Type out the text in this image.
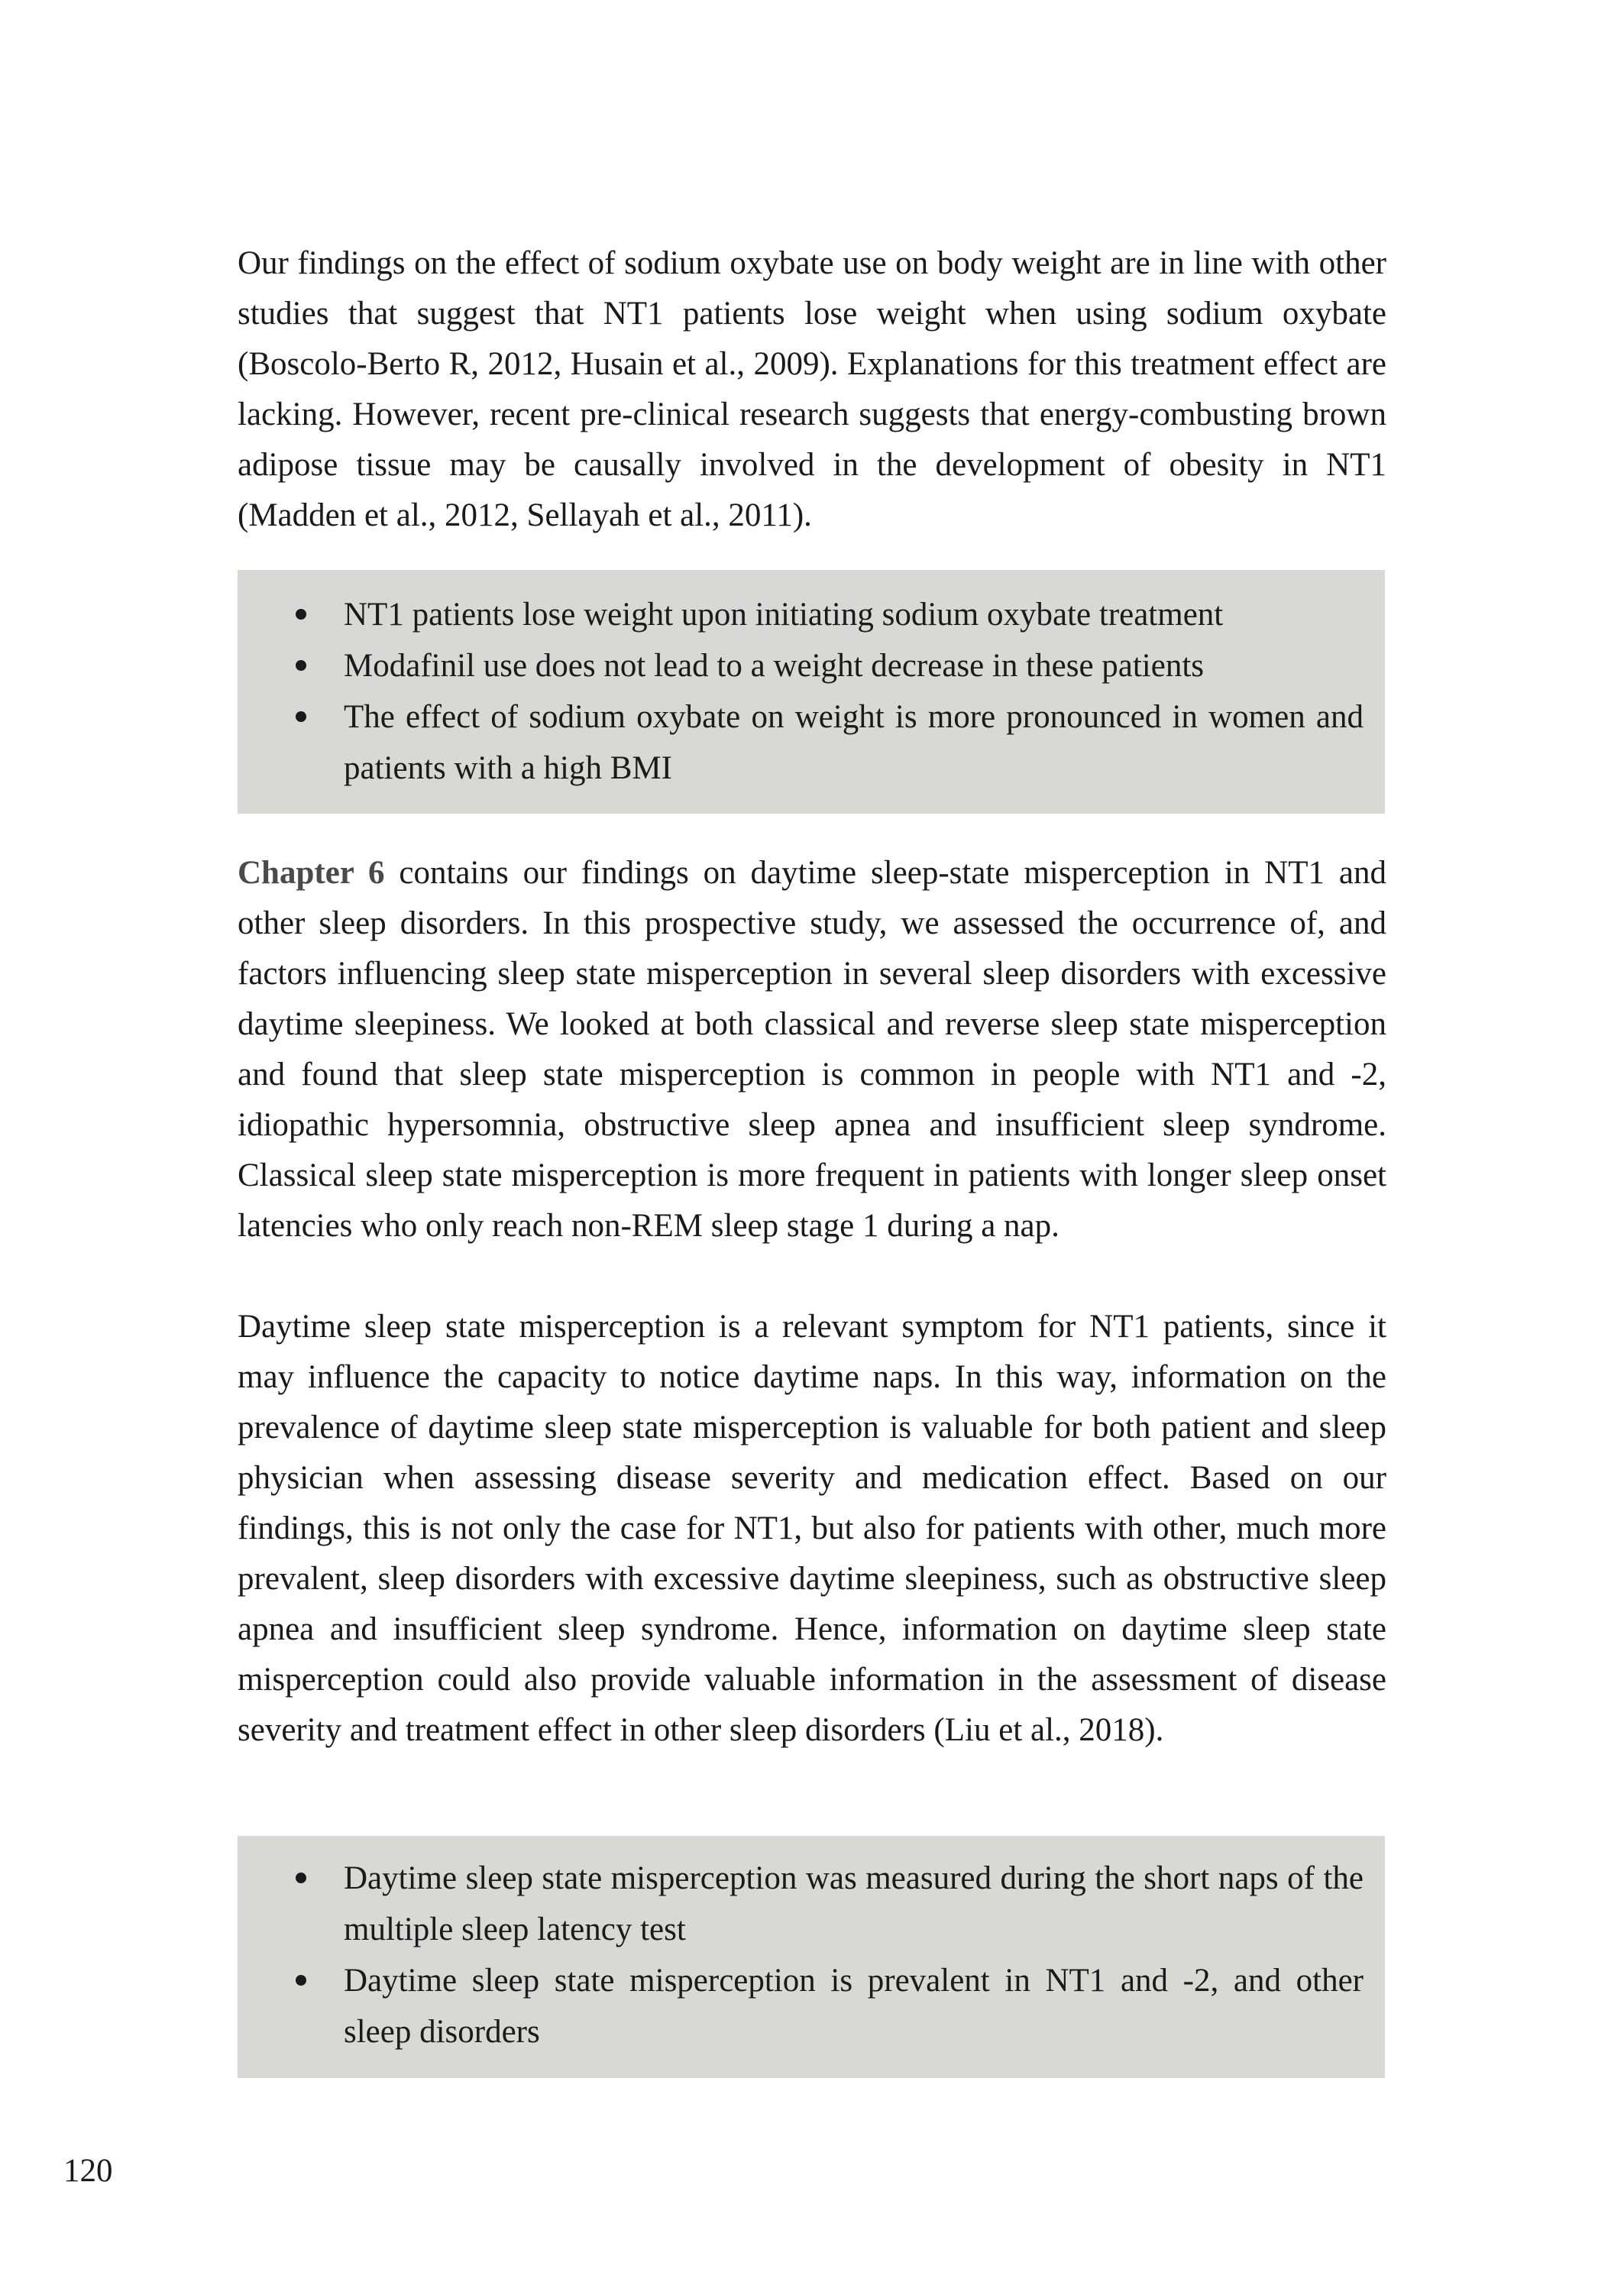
Our findings on the effect of sodium oxybate use on body weight are in line with other studies that suggest that NT1 patients lose weight when using sodium oxybate (Boscolo-Berto R, 2012, Husain et al., 2009). Explanations for this treatment effect are lacking. However, recent pre-clinical research suggests that energy-combusting brown adipose tissue may be causally involved in the development of obesity in NT1 (Madden et al., 2012, Sellayah et al., 2011).

NT1 patients lose weight upon initiating sodium oxybate treatment
Modafinil use does not lead to a weight decrease in these patients
The effect of sodium oxybate on weight is more pronounced in women and patients with a high BMI

Chapter 6 contains our findings on daytime sleep-state misperception in NT1 and other sleep disorders. In this prospective study, we assessed the occurrence of, and factors influencing sleep state misperception in several sleep disorders with excessive daytime sleepiness. We looked at both classical and reverse sleep state misperception and found that sleep state misperception is common in people with NT1 and -2, idiopathic hypersomnia, obstructive sleep apnea and insufficient sleep syndrome. Classical sleep state misperception is more frequent in patients with longer sleep onset latencies who only reach non-REM sleep stage 1 during a nap.

Daytime sleep state misperception is a relevant symptom for NT1 patients, since it may influence the capacity to notice daytime naps. In this way, information on the prevalence of daytime sleep state misperception is valuable for both patient and sleep physician when assessing disease severity and medication effect. Based on our findings, this is not only the case for NT1, but also for patients with other, much more prevalent, sleep disorders with excessive daytime sleepiness, such as obstructive sleep apnea and insufficient sleep syndrome. Hence, information on daytime sleep state misperception could also provide valuable information in the assessment of disease severity and treatment effect in other sleep disorders (Liu et al., 2018).

Daytime sleep state misperception was measured during the short naps of the multiple sleep latency test
Daytime sleep state misperception is prevalent in NT1 and -2, and other sleep disorders
120
